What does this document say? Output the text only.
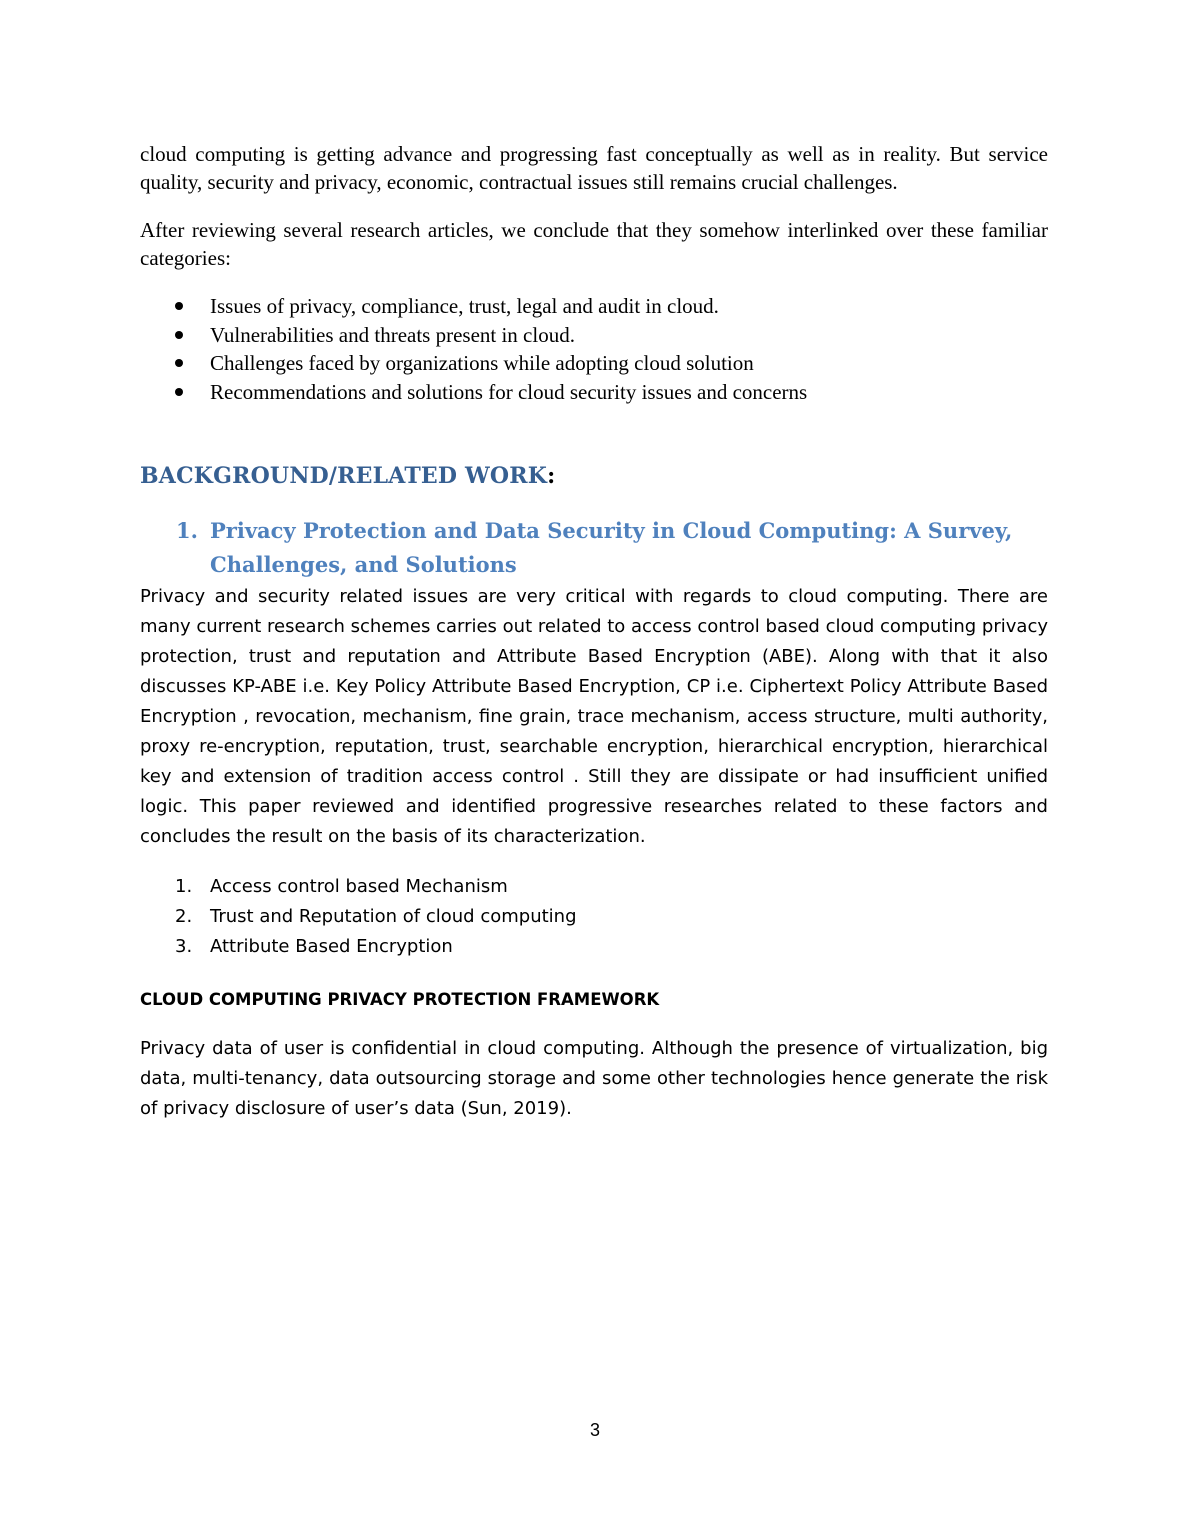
cloud computing is getting advance and progressing fast conceptually as well as in reality. But service quality, security and privacy, economic, contractual issues still remains crucial challenges.

After reviewing several research articles, we conclude that they somehow interlinked over these familiar categories:

Issues of privacy, compliance, trust, legal and audit in cloud.
Vulnerabilities and threats present in cloud.
Challenges faced by organizations while adopting cloud solution
Recommendations and solutions for cloud security issues and concerns
BACKGROUND/RELATED WORK:
1. Privacy Protection and Data Security in Cloud Computing: A Survey,
Challenges, and Solutions

Privacy and security related issues are very critical with regards to cloud computing. There are many current research schemes carries out related to access control based cloud computing privacy protection, trust and reputation and Attribute Based Encryption (ABE). Along with that it also discusses KP-ABE i.e. Key Policy Attribute Based Encryption, CP i.e. Ciphertext Policy Attribute Based Encryption , revocation, mechanism, fine grain, trace mechanism, access structure, multi authority, proxy re-encryption, reputation, trust, searchable encryption, hierarchical encryption, hierarchical key and extension of tradition access control . Still they are dissipate or had insufficient unified logic. This paper reviewed and identified progressive researches related to these factors and concludes the result on the basis of its characterization.

1. Access control based Mechanism
2. Trust and Reputation of cloud computing
3. Attribute Based Encryption
CLOUD COMPUTING PRIVACY PROTECTION FRAMEWORK

Privacy data of user is confidential in cloud computing. Although the presence of virtualization, big data, multi-tenancy, data outsourcing storage and some other technologies hence generate the risk of privacy disclosure of user’s data (Sun, 2019).

3
